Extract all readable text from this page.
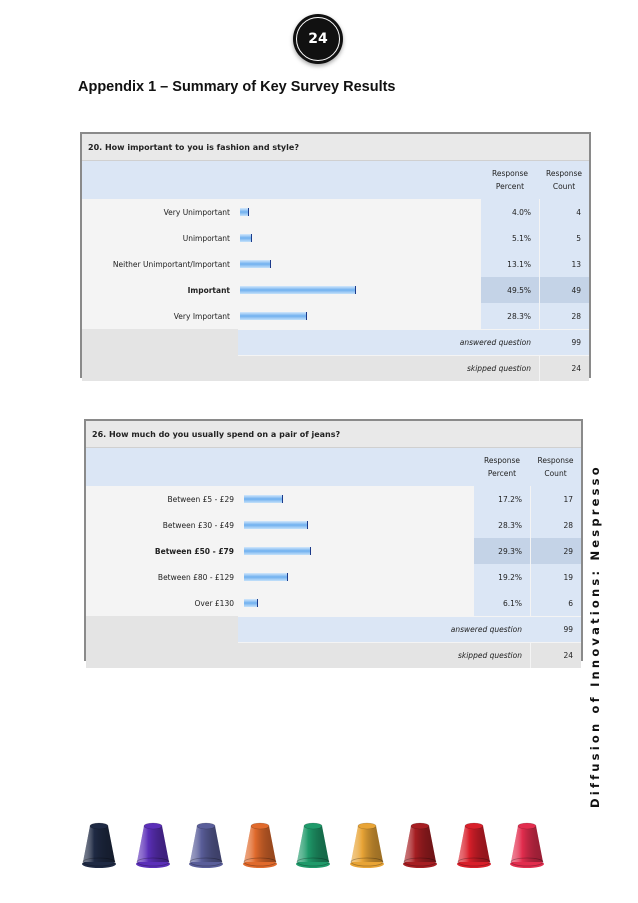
24
Appendix 1 – Summary of Key Survey Results
Diffusion of Innovations: Nespresso
20. How important to you is fashion and style?
Response
Percent
Response
Count
Very Unimportant	4.0%	4
Unimportant	5.1%	5
Neither Unimportant/Important	13.1%	13
Important	49.5%	49
Very Important	28.3%	28
answered question	99
skipped question	24
26. How much do you usually spend on a pair of jeans?
Response
Percent
Response
Count
Between £5 - £29	17.2%	17
Between £30 - £49	28.3%	28
Between £50 - £79	29.3%	29
Between £80 - £129	19.2%	19
Over £130	6.1%	6
answered question	99
skipped question	24
